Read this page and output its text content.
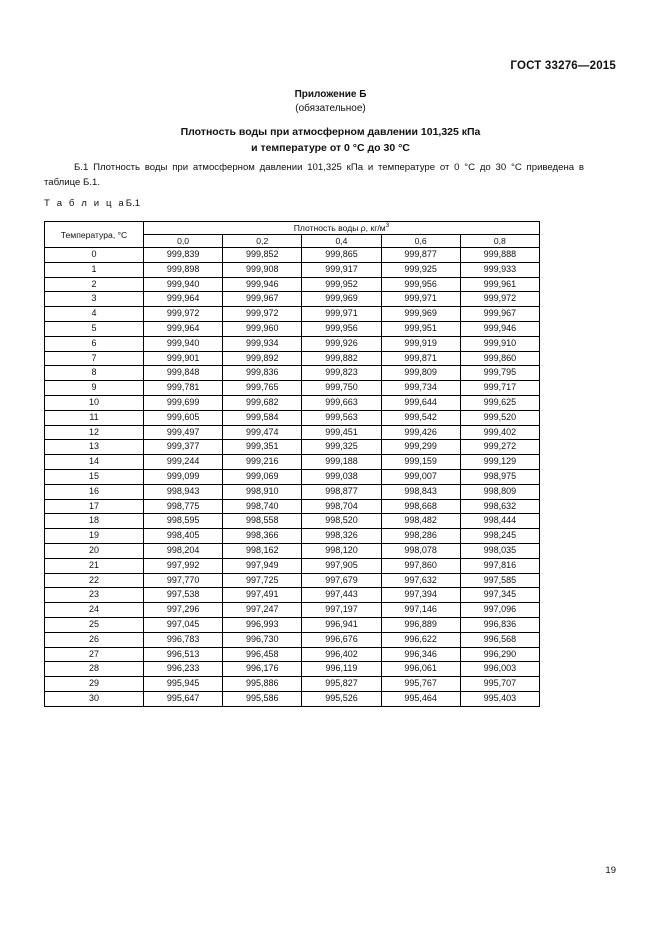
ГОСТ 33276—2015
Приложение Б
(обязательное)
Плотность воды при атмосферном давлении 101,325 кПа
и температуре от 0 °С до 30 °С
Б.1 Плотность воды при атмосферном давлении 101,325 кПа и температуре от 0 °С до 30 °С приведена в таблице Б.1.
Т а б л и ц аБ.1
Температура, °С	Плотность воды ρ, $кг/м^3$
	0,0	0,2	0,4	0,6	0,8
0	999,839	999,852	999,865	999,877	999,888
1	999,898	999,908	999,917	999,925	999,933
2	999,940	999,946	999,952	999,956	999,961
3	999,964	999,967	999,969	999,971	999,972
4	999,972	999,972	999,971	999,969	999,967
5	999,964	999,960	999,956	999,951	999,946
6	999,940	999,934	999,926	999,919	999,910
7	999,901	999,892	999,882	999,871	999,860
8	999,848	999,836	999,823	999,809	999,795
9	999,781	999,765	999,750	999,734	999,717
10	999,699	999,682	999,663	999,644	999,625
11	999,605	999,584	999,563	999,542	999,520
12	999,497	999,474	999,451	999,426	999,402
13	999,377	999,351	999,325	999,299	999,272
14	999,244	999,216	999,188	999,159	999,129
15	999,099	999,069	999,038	999,007	998,975
16	998,943	998,910	998,877	998,843	998,809
17	998,775	998,740	998,704	998,668	998,632
18	998,595	998,558	998,520	998,482	998,444
19	998,405	998,366	998,326	998,286	998,245
20	998,204	998,162	998,120	998,078	998,035
21	997,992	997,949	997,905	997,860	997,816
22	997,770	997,725	997,679	997,632	997,585
23	997,538	997,491	997,443	997,394	997,345
24	997,296	997,247	997,197	997,146	997,096
25	997,045	996,993	996,941	996,889	996,836
26	996,783	996,730	996,676	996,622	996,568
27	996,513	996,458	996,402	996,346	996,290
28	996,233	996,176	996,119	996,061	996,003
29	995,945	995,886	995,827	995,767	995,707
30	995,647	995,586	995,526	995,464	995,403
19
